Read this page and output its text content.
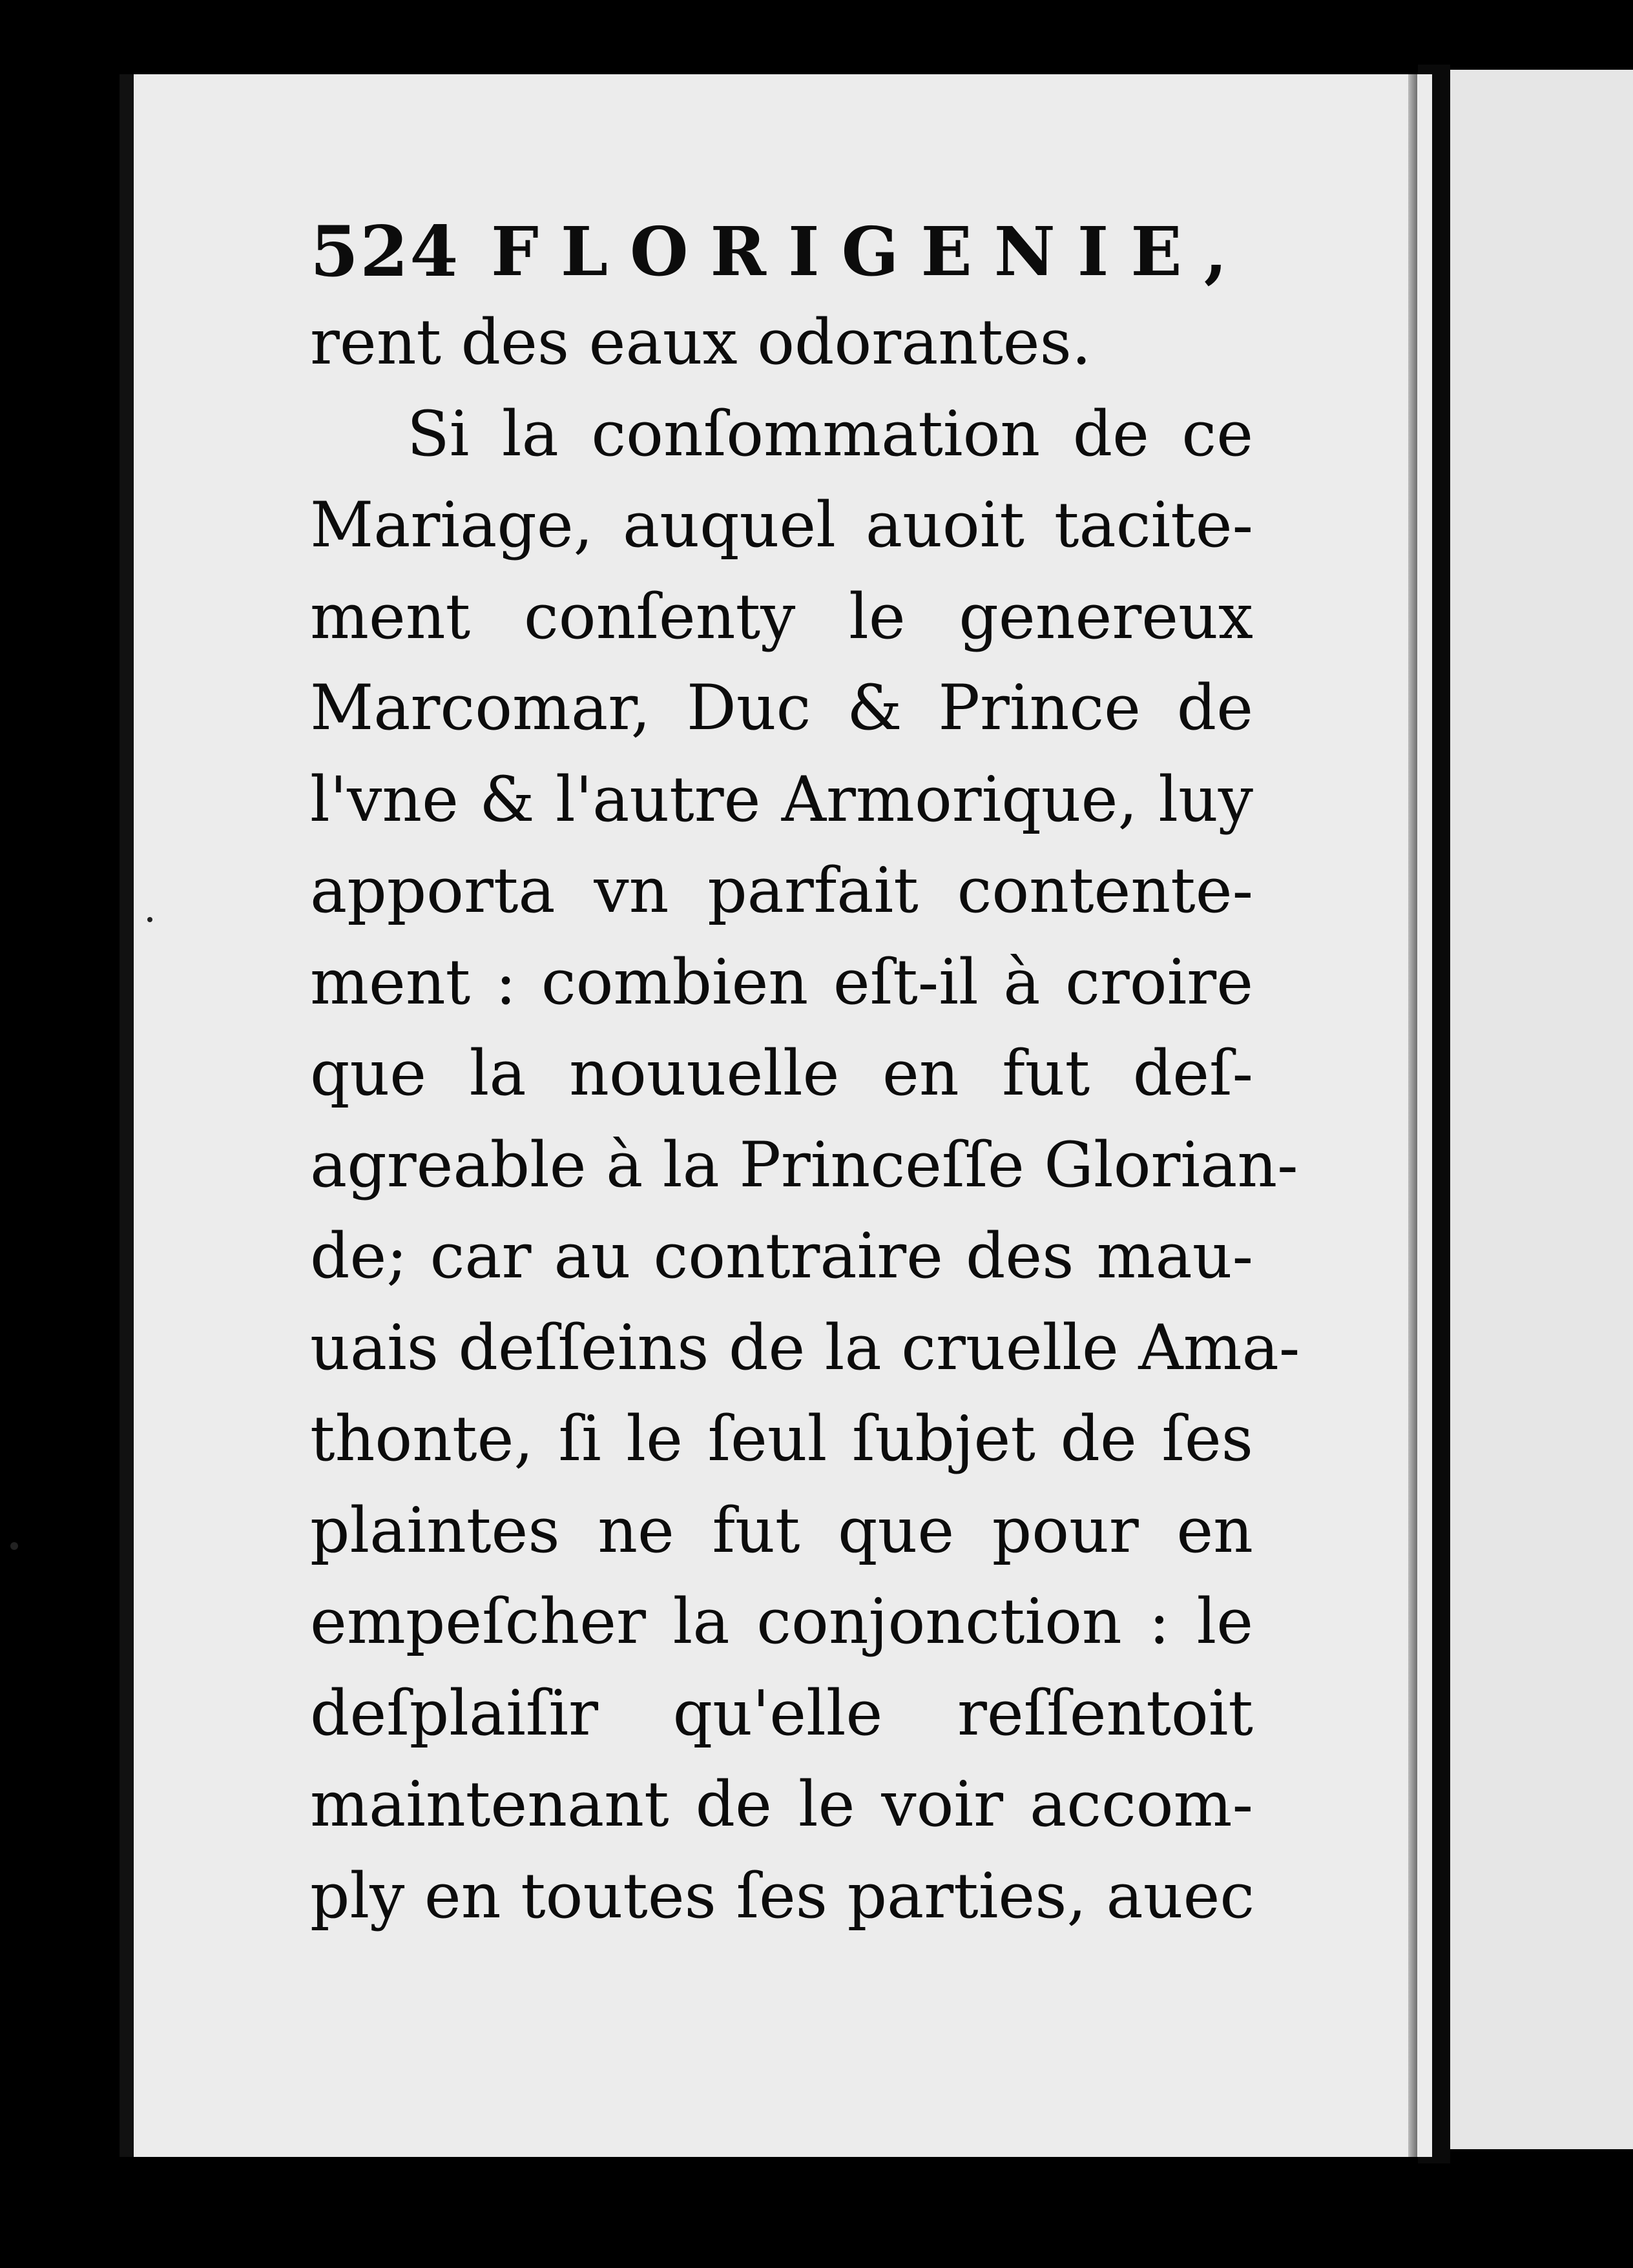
524 FLORIGENIE,
rent des eaux odorantes.
Si la conſommation de ce
Mariage, auquel auoit tacite-
ment conſenty le genereux
Marcomar, Duc & Prince de
l'vne & l'autre Armorique, luy
apporta vn parfait contente-
ment : combien eſt-il à croire
que la nouuelle en fut deſ-
agreable à la Princeſſe Glorian-
de; car au contraire des mau-
uais deſſeins de la cruelle Ama-
thonte, ſi le ſeul ſubjet de ſes
plaintes ne fut que pour en
empeſcher la conjonction : le
deſplaiſir qu'elle reſſentoit
maintenant de le voir accom-
ply en toutes ſes parties, auec
